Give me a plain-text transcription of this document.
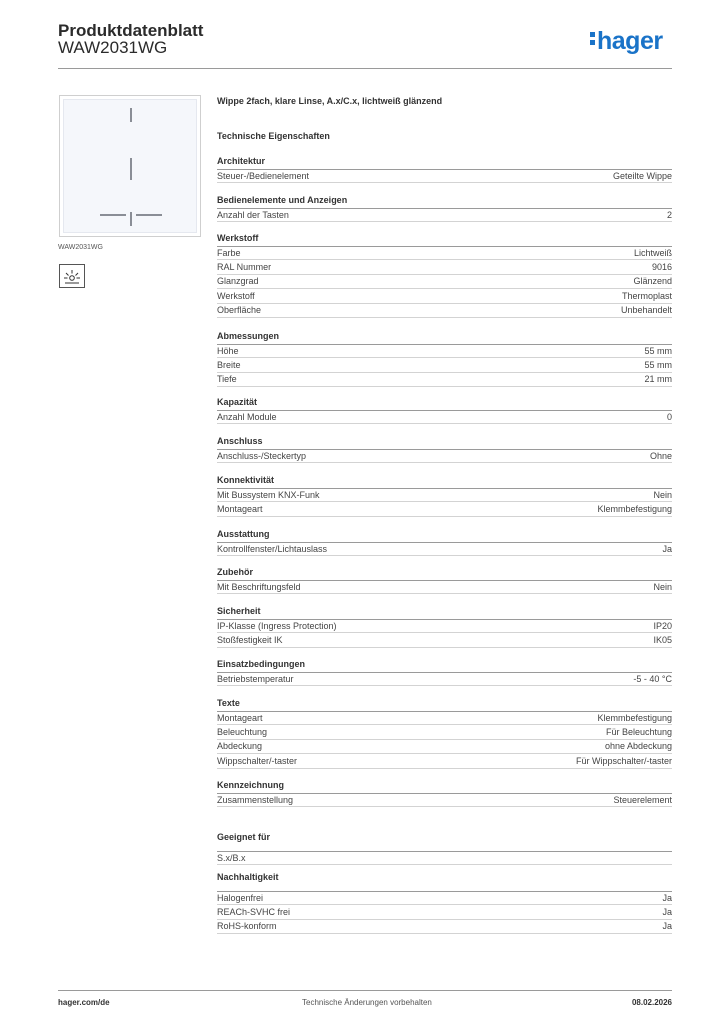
Produktdatenblatt
WAW2031WG	hager
WAW2031WG
Wippe 2fach, klare Linse, A.x/C.x, lichtweiß glänzend
Technische Eigenschaften
Architektur
Steuer-/Bedienelement	Geteilte Wippe
Bedienelemente und Anzeigen
Anzahl der Tasten	2
Werkstoff
Farbe	Lichtweiß
RAL Nummer	9016
Glanzgrad	Glänzend
Werkstoff	Thermoplast
Oberfläche	Unbehandelt
Abmessungen
Höhe	55 mm
Breite	55 mm
Tiefe	21 mm
Kapazität
Anzahl Module	0
Anschluss
Anschluss-/Steckertyp	Ohne
Konnektivität
Mit Bussystem KNX-Funk	Nein
Montageart	Klemmbefestigung
Ausstattung
Kontrollfenster/Lichtauslass	Ja
Zubehör
Mit Beschriftungsfeld	Nein
Sicherheit
IP-Klasse (Ingress Protection)	IP20
Stoßfestigkeit IK	IK05
Einsatzbedingungen
Betriebstemperatur	-5 - 40 °C
Texte
Montageart	Klemmbefestigung
Beleuchtung	Für Beleuchtung
Abdeckung	ohne Abdeckung
Wippschalter/-taster	Für Wippschalter/-taster
Kennzeichnung
Zusammenstellung	Steuerelement
Geeignet für
S.x/B.x
Nachhaltigkeit
Halogenfrei	Ja
REACh-SVHC frei	Ja
RoHS-konform	Ja
hager.com/de	Technische Änderungen vorbehalten	08.02.2026
